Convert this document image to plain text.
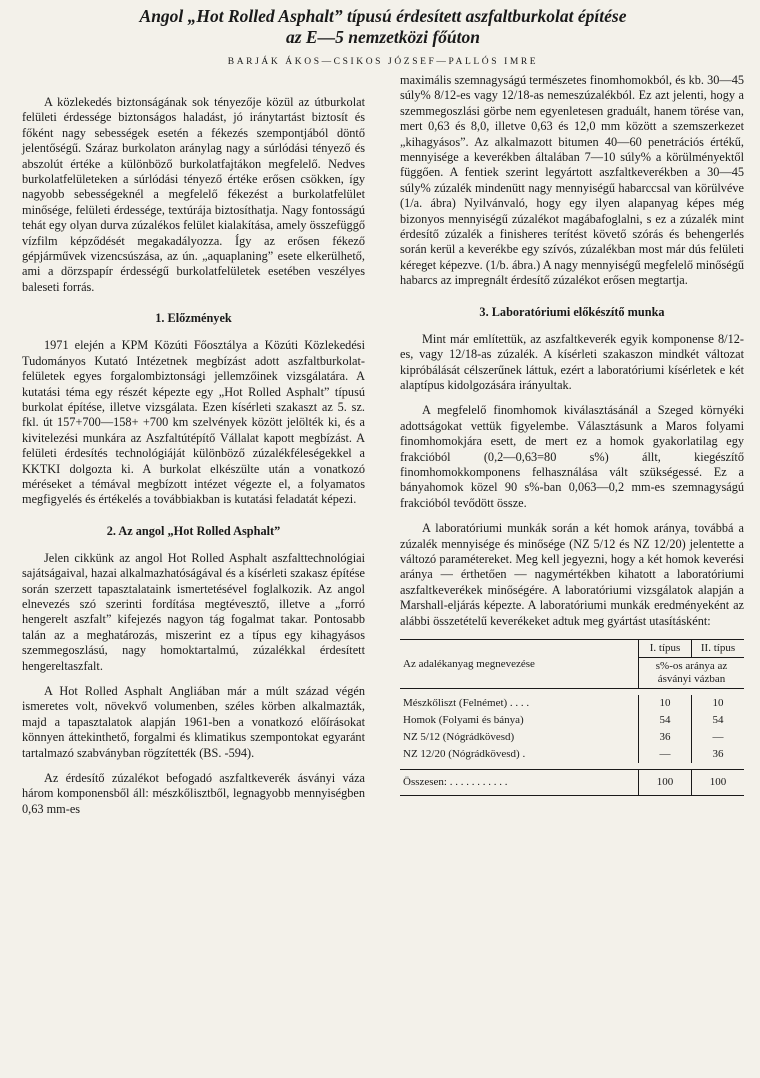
Angol „Hot Rolled Asphalt” típusú érdesített aszfaltburkolat építése
az E—5 nemzetközi főúton
BARJÁK ÁKOS—CSIKOS JÓZSEF—PALLÓS IMRE

A közlekedés biztonságának sok tényezője közül az útburkolat felületi érdessége biztonságos haladást, jó iránytartást biztosít és főként nagy sebességek esetén a fékezés szempontjából döntő jelentőségű. Száraz burkolaton aránylag nagy a súrlódási tényező és abszolút értéke a különböző burkolatfajtákon megfelelő. Nedves burkolatfelületeken a súrlódási tényező értéke erősen csökken, így nagyobb sebességeknél a megfelelő fékezést a burkolatfelület minősége, felületi érdessége, textúrája biztosíthatja. Nagy fontosságú tehát egy olyan durva zúzalékos felület kialakítása, amely összefüggő vízfilm képződését megakadályozza. Így az erősen fékező gépjárművek vizencsúszása, az ún. „aquaplaning” esete elkerülhető, ami a dörzspapír érdességű burkolatfelületek esetében veszélyes baleseti forrás.

1. Előzmények

1971 elején a KPM Közúti Főosztálya a Közúti Közlekedési Tudományos Kutató Intézetnek megbízást adott aszfaltburkolat-felületek egyes forgalombiztonsági jellemzőinek vizsgálatára. A kutatási téma egy részét képezte egy „Hot Rolled Asphalt” típusú burkolat építése, illetve vizsgálata. Ezen kísérleti szakaszt az 5. sz. fkl. út 157+700—158+ +700 km szelvények között jelölték ki, és a kivitelezési munkára az Aszfaltútépítő Vállalat kapott megbízást. A felületi érdesítés technológiáját különböző zúzalékféleségekkel a KKTKI dolgozta ki. A burkolat elkészülte után a vonatkozó méréseket a témával megbízott intézet végezte el, a folyamatos megfigyelés és értékelés a továbbiakban is kutatási feladatát képezi.

2. Az angol „Hot Rolled Asphalt”

Jelen cikkünk az angol Hot Rolled Asphalt aszfalttechnológiai sajátságaival, hazai alkalmazhatóságával és a kísérleti szakasz építése során szerzett tapasztalataink ismertetésével foglalkozik. Az angol elnevezés szó szerinti fordítása megtévesztő, illetve a „forró hengerelt aszfalt” kifejezés nagyon tág fogalmat takar. Pontosabb talán az a meghatározás, miszerint ez a típus egy kihagyásos szemmegoszlású, nagy homoktartalmú, zúzalékkal érdesített hengereltaszfalt.

A Hot Rolled Asphalt Angliában már a múlt század végén ismeretes volt, növekvő volumenben, széles körben alkalmazták, majd a tapasztalatok alapján 1961-ben a vonatkozó előírásokat könnyen áttekinthető, forgalmi és klimatikus szempontokat egyaránt tartalmazó szabványban rögzítették (BS. -594).

Az érdesítő zúzalékot befogadó aszfaltkeverék ásványi váza három komponensből áll: mészkőlisztből, legnagyobb mennyiségben 0,63 mm-es

maximális szemnagyságú természetes finomhomokból, és kb. 30—45 súly% 8/12-es vagy 12/18-as nemeszúzalékból. Ez azt jelenti, hogy a szemmegoszlási görbe nem egyenletesen graduált, hanem törése van, mert 0,63 és 8,0, illetve 0,63 és 12,0 mm között a szemszerkezet „kihagyásos”. Az alkalmazott bitumen 40—60 penetrációs értékű, mennyisége a keverékben általában 7—10 súly% a körülményektől függően. A fentiek szerint legyártott aszfaltkeverékben a 30—45 súly% zúzalék mindenütt nagy mennyiségű habarccsal van körülvéve (1/a. ábra) Nyilvánvaló, hogy egy ilyen alapanyag képes még bizonyos mennyiségű zúzalékot magábafoglalni, s ez a zúzalék mint érdesítő zúzalék a finisheres terítést követő szórás és behengerlés során kerül a keverékbe egy szívós, zúzalékban most már dús felületi kéreget képezve. (1/b. ábra.) A nagy mennyiségű megfelelő minőségű habarcs az impregnált érdesítő zúzalékot erősen megtartja.

3. Laboratóriumi előkészítő munka

Mint már említettük, az aszfaltkeverék egyik komponense 8/12-es, vagy 12/18-as zúzalék. A kísérleti szakaszon mindkét változat kipróbálását célszerűnek láttuk, ezért a laboratóriumi kísérletek e két alaptípus kidolgozására irányultak.

A megfelelő finomhomok kiválasztásánál a Szeged környéki adottságokat vettük figyelembe. Választásunk a Maros folyami finomhomokjára esett, de mert ez a homok gyakorlatilag egy frakcióból (0,2—0,63=80 s%) állt, kiegészítő finomhomokkomponens felhasználása vált szükségessé. Ez a bányahomok közel 90 s%-ban 0,063—0,2 mm-es szemnagyságú frakcióból tevődött össze.

A laboratóriumi munkák során a két homok aránya, továbbá a zúzalék mennyisége és minősége (NZ 5/12 és NZ 12/20) jelentette a változó paramétereket. Meg kell jegyezni, hogy a két homok keverési aránya — érthetően — nagymértékben kihatott a laboratóriumi aszfaltkeverékek minőségére. A laboratóriumi vizsgálatok alapján a Marshall-eljárás képezte. A laboratóriumi munkák eredményeként az alábbi összetételű keverékeket adtuk meg gyártást utasításként:

Az adalékanyag megnevezése	I. típus	II. típus
	s%-os aránya az ásványi vázban	

Mészkőliszt (Felnémet) . . . .	10	10
Homok (Folyami és bánya)	54	54
NZ 5/12 (Nógrádkövesd)	36	—
NZ 12/20 (Nógrádkövesd) .	—	36

Összesen: . . . . . . . . . . .	100	100
